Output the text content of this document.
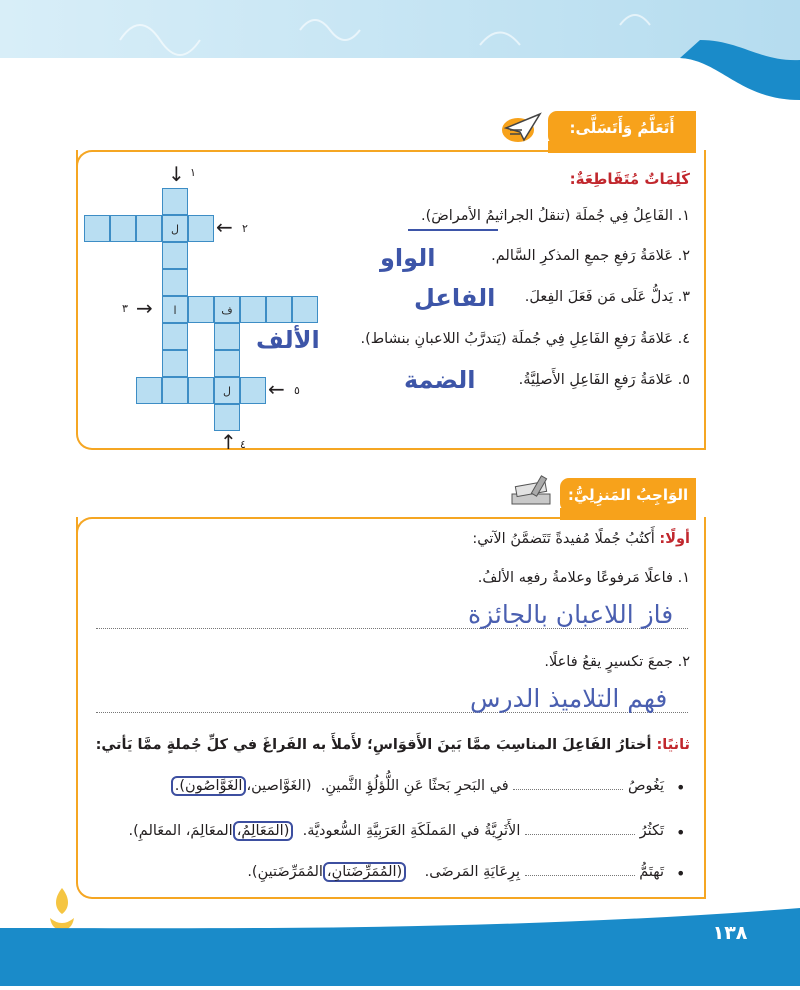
أَتَعَلَّمُ وَأَتَسَلَّى:
كَلِمَاتٌ مُتَقَاطِعَةٌ:
١. الفَاعِلُ فِي جُملَة (تنقلُ الجراثيمُ الأمراضَ).
٢. عَلامَةُ رَفعِ جمعِ المذكرِ السَّالم.
الواو
٣. يَدلُّ عَلَى مَن فَعَلَ الفِعلَ.
الفاعل
٤. عَلامَةُ رَفعِ الفَاعِلِ فِي جُملَة (يَتدرَّبُ اللاعبانِ بنشاط).
الألف
٥. عَلامَةُ رَفعِ الفَاعِلِ الأَصلِيَّةُ.
الضمة
ل
ا	ف
ل
↓ ١
← ٢
→
٣
← ٥
↑ ٤
الوَاجِبُ المَنزِلِيُّ:
أولًا: أَكتُبُ جُملًا مُفيدةً تَتَضمَّنُ الآتي:
١. فاعلًا مَرفوعًا وعلامةُ رفعِه الألفُ.
فاز اللاعبان بالجائزة
٢. جمعَ تكسيرٍ يقعُ فاعلًا.
فهم التلاميذ الدرس
ثانيًا: أختارُ الفَاعِلَ المناسِبَ ممَّا بَينَ الأَقوَاسِ؛ لأَملأَ به الفَراغَ في كلِّ جُملةٍ ممَّا يَأتي:
•
يَغُوصُ  في البَحرِ بَحثًا عَنِ اللُّؤلُؤِ الثَّمينِ.  (الغَوَّاصين،الغَوَّاصُون).
•
تَكثُرُ  الأَثَرِيَّةُ في المَملَكَةِ العَرَبِيَّةِ السُّعوديَّة.  (المَعَالِمُ،المعَالِمَ، المعَالمِ).
•
تَهتَمُّ  بِرِعَايَةِ المَرضَى.    (المُمَرِّضَتانِ،المُمَرِّضَتينِ).
١٣٨
